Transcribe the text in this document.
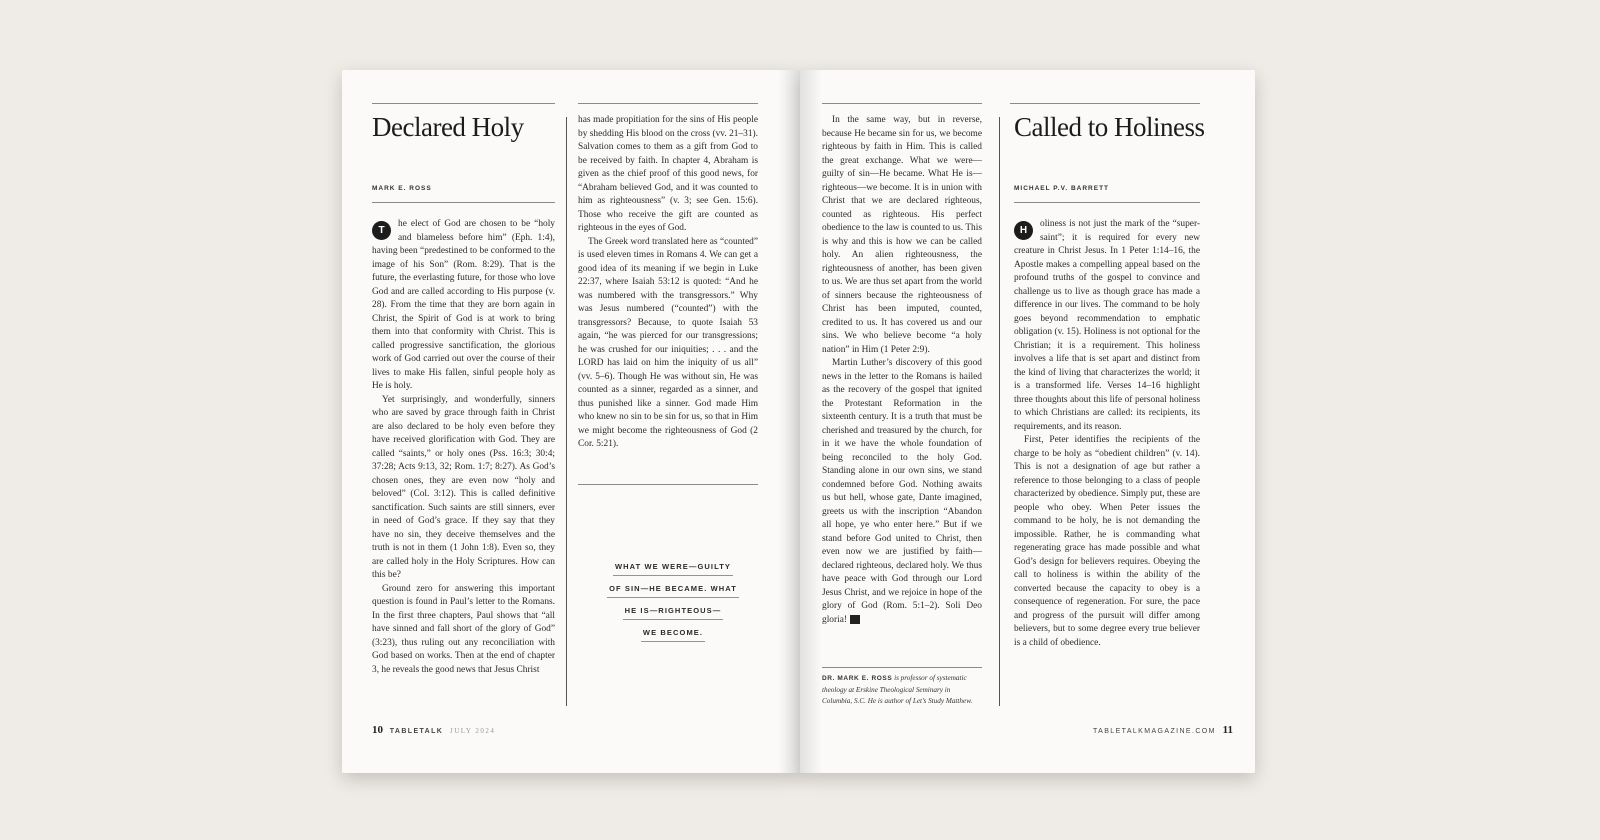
Declared Holy
MARK E. ROSS

T
he elect of God are chosen to be “holy and blameless before him” (Eph. 1:4), having been “predestined to be conformed to the image of his Son” (Rom. 8:29). That is the future, the everlasting future, for those who love God and are called according to His purpose (v. 28). From the time that they are born again in Christ, the Spirit of God is at work to bring them into that conformity with Christ. This is called progressive sanctification, the glorious work of God carried out over the course of their lives to make His fallen, sinful people holy as He is holy.

Yet surprisingly, and wonderfully, sinners who are saved by grace through faith in Christ are also declared to be holy even before they have received glorification with God. They are called “saints,” or holy ones (Pss. 16:3; 30:4; 37:28; Acts 9:13, 32; Rom. 1:7; 8:27). As God’s chosen ones, they are even now “holy and beloved” (Col. 3:12). This is called definitive sanctification. Such saints are still sinners, ever in need of God’s grace. If they say that they have no sin, they deceive themselves and the truth is not in them (1 John 1:8). Even so, they are called holy in the Holy Scriptures. How can this be?

Ground zero for answering this important question is found in Paul’s letter to the Romans. In the first three chapters, Paul shows that “all have sinned and fall short of the glory of God” (3:23), thus ruling out any reconciliation with God based on works. Then at the end of chapter 3, he reveals the good news that Jesus Christ

has made propitiation for the sins of His people by shedding His blood on the cross (vv. 21–31). Salvation comes to them as a gift from God to be received by faith. In chapter 4, Abraham is given as the chief proof of this good news, for “Abraham believed God, and it was counted to him as righteousness” (v. 3; see Gen. 15:6). Those who receive the gift are counted as righteous in the eyes of God.

The Greek word translated here as “counted” is used eleven times in Romans 4. We can get a good idea of its meaning if we begin in Luke 22:37, where Isaiah 53:12 is quoted: “And he was numbered with the transgressors.” Why was Jesus numbered (“counted”) with the transgressors? Because, to quote Isaiah 53 again, “he was pierced for our transgressions; he was crushed for our iniquities; . . . and the LORD has laid on him the iniquity of us all” (vv. 5–6). Though He was without sin, He was counted as a sinner, regarded as a sinner, and thus punished like a sinner. God made Him who knew no sin to be sin for us, so that in Him we might become the righteousness of God (2 Cor. 5:21).

WHAT WE WERE—GUILTY
OF SIN—HE BECAME. WHAT
HE IS—RIGHTEOUS—
WE BECOME.
10 TABLETALK JULY 2024

In the same way, but in reverse, because He became sin for us, we become righteous by faith in Him. This is called the great exchange. What we were—guilty of sin—He became. What He is—righteous—we become. It is in union with Christ that we are declared righteous, counted as righteous. His perfect obedience to the law is counted to us. This is why and this is how we can be called holy. An alien righteousness, the righteousness of another, has been given to us. We are thus set apart from the world of sinners because the righteousness of Christ has been imputed, counted, credited to us. It has covered us and our sins. We who believe become “a holy nation” in Him (1 Peter 2:9).

Martin Luther’s discovery of this good news in the letter to the Romans is hailed as the recovery of the gospel that ignited the Protestant Reformation in the sixteenth century. It is a truth that must be cherished and treasured by the church, for in it we have the whole foundation of being reconciled to the holy God. Standing alone in our own sins, we stand condemned before God. Nothing awaits us but hell, whose gate, Dante imagined, greets us with the inscription “Abandon all hope, ye who enter here.” But if we stand before God united to Christ, then even now we are justified by faith—declared righteous, declared holy. We thus have peace with God through our Lord Jesus Christ, and we rejoice in hope of the glory of God (Rom. 5:1–2). Soli Deo gloria! T

DR. MARK E. ROSS is professor of systematic theology at Erskine Theological Seminary in Columbia, S.C. He is author of Let’s Study Matthew.
Called to Holiness
MICHAEL P.V. BARRETT

H
oliness is not just the mark of the “super-saint”; it is required for every new creature in Christ Jesus. In 1 Peter 1:14–16, the Apostle makes a compelling appeal based on the profound truths of the gospel to convince and challenge us to live as though grace has made a difference in our lives. The command to be holy goes beyond recommendation to emphatic obligation (v. 15). Holiness is not optional for the Christian; it is a requirement. This holiness involves a life that is set apart and distinct from the kind of living that characterizes the world; it is a transformed life. Verses 14–16 highlight three thoughts about this life of personal holiness to which Christians are called: its recipients, its requirements, and its reason.

First, Peter identifies the recipients of the charge to be holy as “obedient children” (v. 14). This is not a designation of age but rather a reference to those belonging to a class of people characterized by obedience. Simply put, these are people who obey. When Peter issues the command to be holy, he is not demanding the impossible. Rather, he is commanding what regenerating grace has made possible and what God’s design for believers requires. Obeying the call to holiness is within the ability of the converted because the capacity to obey is a consequence of regeneration. For sure, the pace and progress of the pursuit will differ among believers, but to some degree every true believer is a child of obedience.

TABLETALKMAGAZINE.COM 11
